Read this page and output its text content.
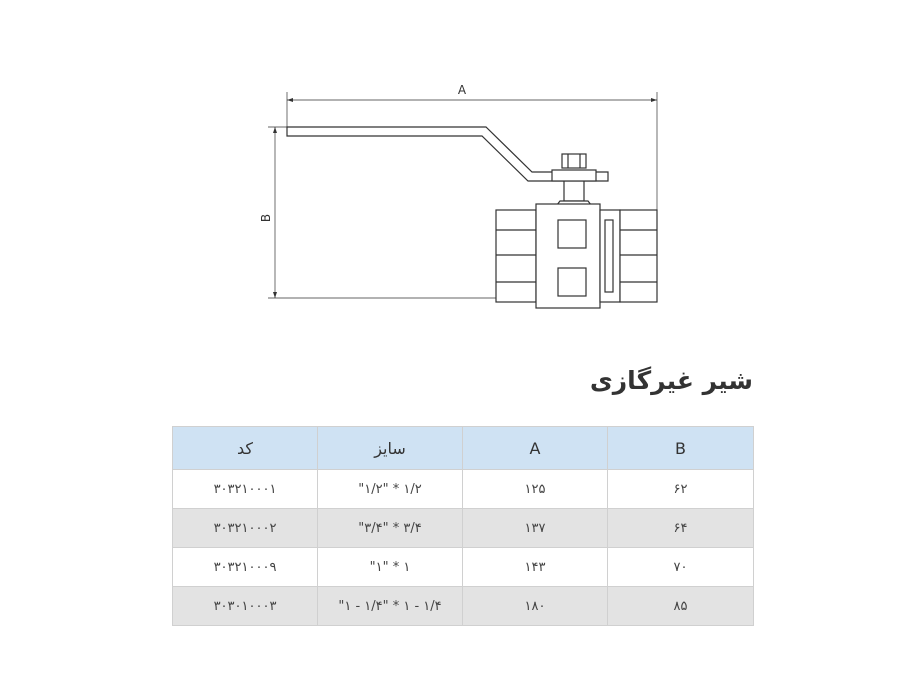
A
B
شیر غیرگازی
کد	سایز	A	B
۳۰۳۲۱۰۰۰۱	"۱/۲" * ۱/۲	۱۲۵	۶۲
۳۰۳۲۱۰۰۰۲	"۳/۴" * ۳/۴	۱۳۷	۶۴
۳۰۳۲۱۰۰۰۹	"۱" * ۱	۱۴۳	۷۰
۳۰۳۰۱۰۰۰۳	"۱ - ۱/۴" * ۱ - ۱/۴	۱۸۰	۸۵
